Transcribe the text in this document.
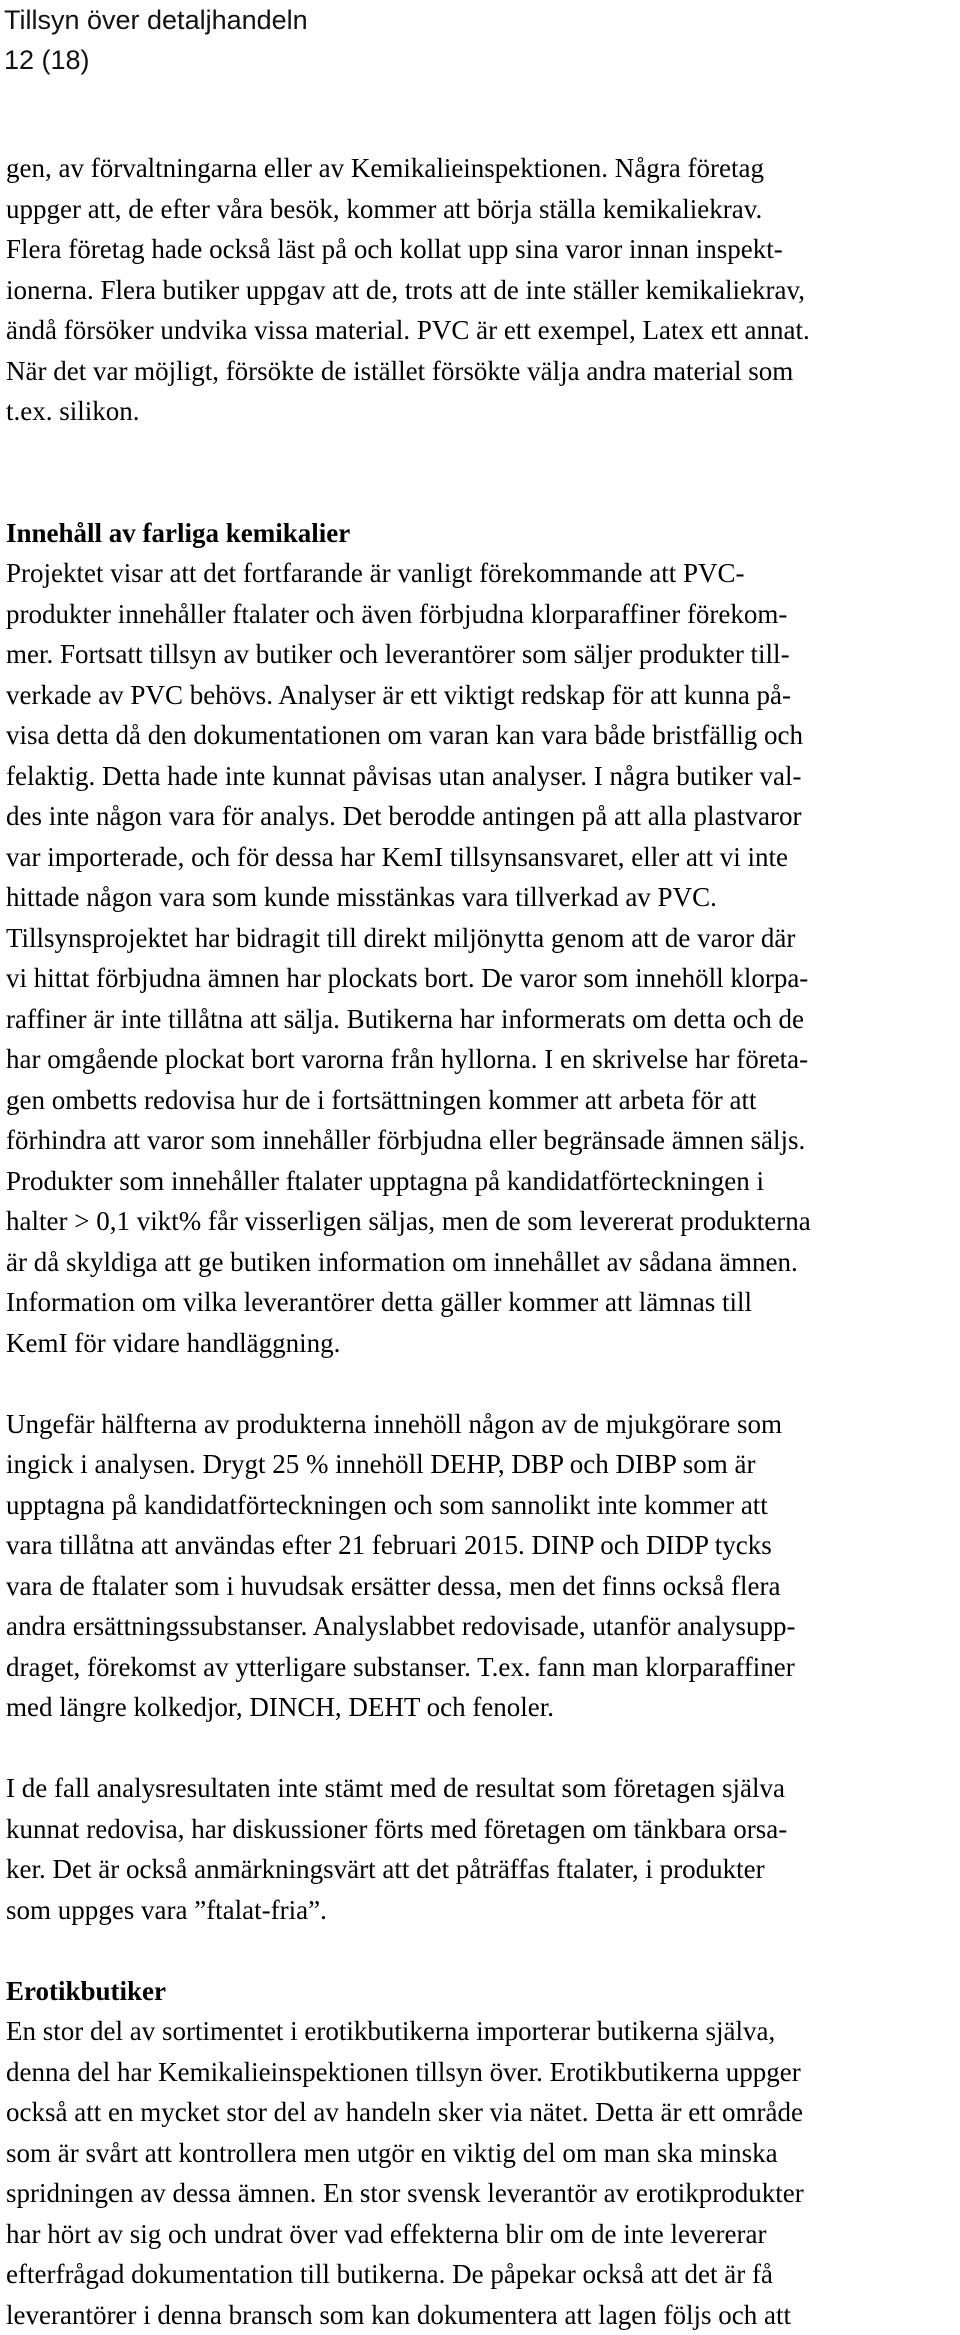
Tillsyn över detaljhandeln
12 (18)
gen, av förvaltningarna eller av Kemikalieinspektionen. Några företag
uppger att, de efter våra besök, kommer att börja ställa kemikaliekrav.
Flera företag hade också läst på och kollat upp sina varor innan inspekt-
ionerna. Flera butiker uppgav att de, trots att de inte ställer kemikaliekrav,
ändå försöker undvika vissa material. PVC är ett exempel, Latex ett annat.
När det var möjligt, försökte de istället försökte välja andra material som
t.ex. silikon.
Innehåll av farliga kemikalier
Projektet visar att det fortfarande är vanligt förekommande att PVC-
produkter innehåller ftalater och även förbjudna klorparaffiner förekom-
mer. Fortsatt tillsyn av butiker och leverantörer som säljer produkter till-
verkade av PVC behövs. Analyser är ett viktigt redskap för att kunna på-
visa detta då den dokumentationen om varan kan vara både bristfällig och
felaktig. Detta hade inte kunnat påvisas utan analyser. I några butiker val-
des inte någon vara för analys. Det berodde antingen på att alla plastvaror
var importerade, och för dessa har KemI tillsynsansvaret, eller att vi inte
hittade någon vara som kunde misstänkas vara tillverkad av PVC.
Tillsynsprojektet har bidragit till direkt miljönytta genom att de varor där
vi hittat förbjudna ämnen har plockats bort. De varor som innehöll klorpa-
raffiner är inte tillåtna att sälja. Butikerna har informerats om detta och de
har omgående plockat bort varorna från hyllorna. I en skrivelse har företa-
gen ombetts redovisa hur de i fortsättningen kommer att arbeta för att
förhindra att varor som innehåller förbjudna eller begränsade ämnen säljs.
Produkter som innehåller ftalater upptagna på kandidatförteckningen i
halter > 0,1 vikt% får visserligen säljas, men de som levererat produkterna
är då skyldiga att ge butiken information om innehållet av sådana ämnen.
Information om vilka leverantörer detta gäller kommer att lämnas till
KemI för vidare handläggning.
Ungefär hälfterna av produkterna innehöll någon av de mjukgörare som
ingick i analysen. Drygt 25 % innehöll DEHP, DBP och DIBP som är
upptagna på kandidatförteckningen och som sannolikt inte kommer att
vara tillåtna att användas efter 21 februari 2015. DINP och DIDP tycks
vara de ftalater som i huvudsak ersätter dessa, men det finns också flera
andra ersättningssubstanser. Analyslabbet redovisade, utanför analysupp-
draget, förekomst av ytterligare substanser. T.ex. fann man klorparaffiner
med längre kolkedjor, DINCH, DEHT och fenoler.
I de fall analysresultaten inte stämt med de resultat som företagen själva
kunnat redovisa, har diskussioner förts med företagen om tänkbara orsa-
ker. Det är också anmärkningsvärt att det påträffas ftalater, i produkter
som uppges vara ”ftalat-fria”.
Erotikbutiker
En stor del av sortimentet i erotikbutikerna importerar butikerna själva,
denna del har Kemikalieinspektionen tillsyn över. Erotikbutikerna uppger
också att en mycket stor del av handeln sker via nätet. Detta är ett område
som är svårt att kontrollera men utgör en viktig del om man ska minska
spridningen av dessa ämnen. En stor svensk leverantör av erotikprodukter
har hört av sig och undrat över vad effekterna blir om de inte levererar
efterfrågad dokumentation till butikerna. De påpekar också att det är få
leverantörer i denna bransch som kan dokumentera att lagen följs och att
